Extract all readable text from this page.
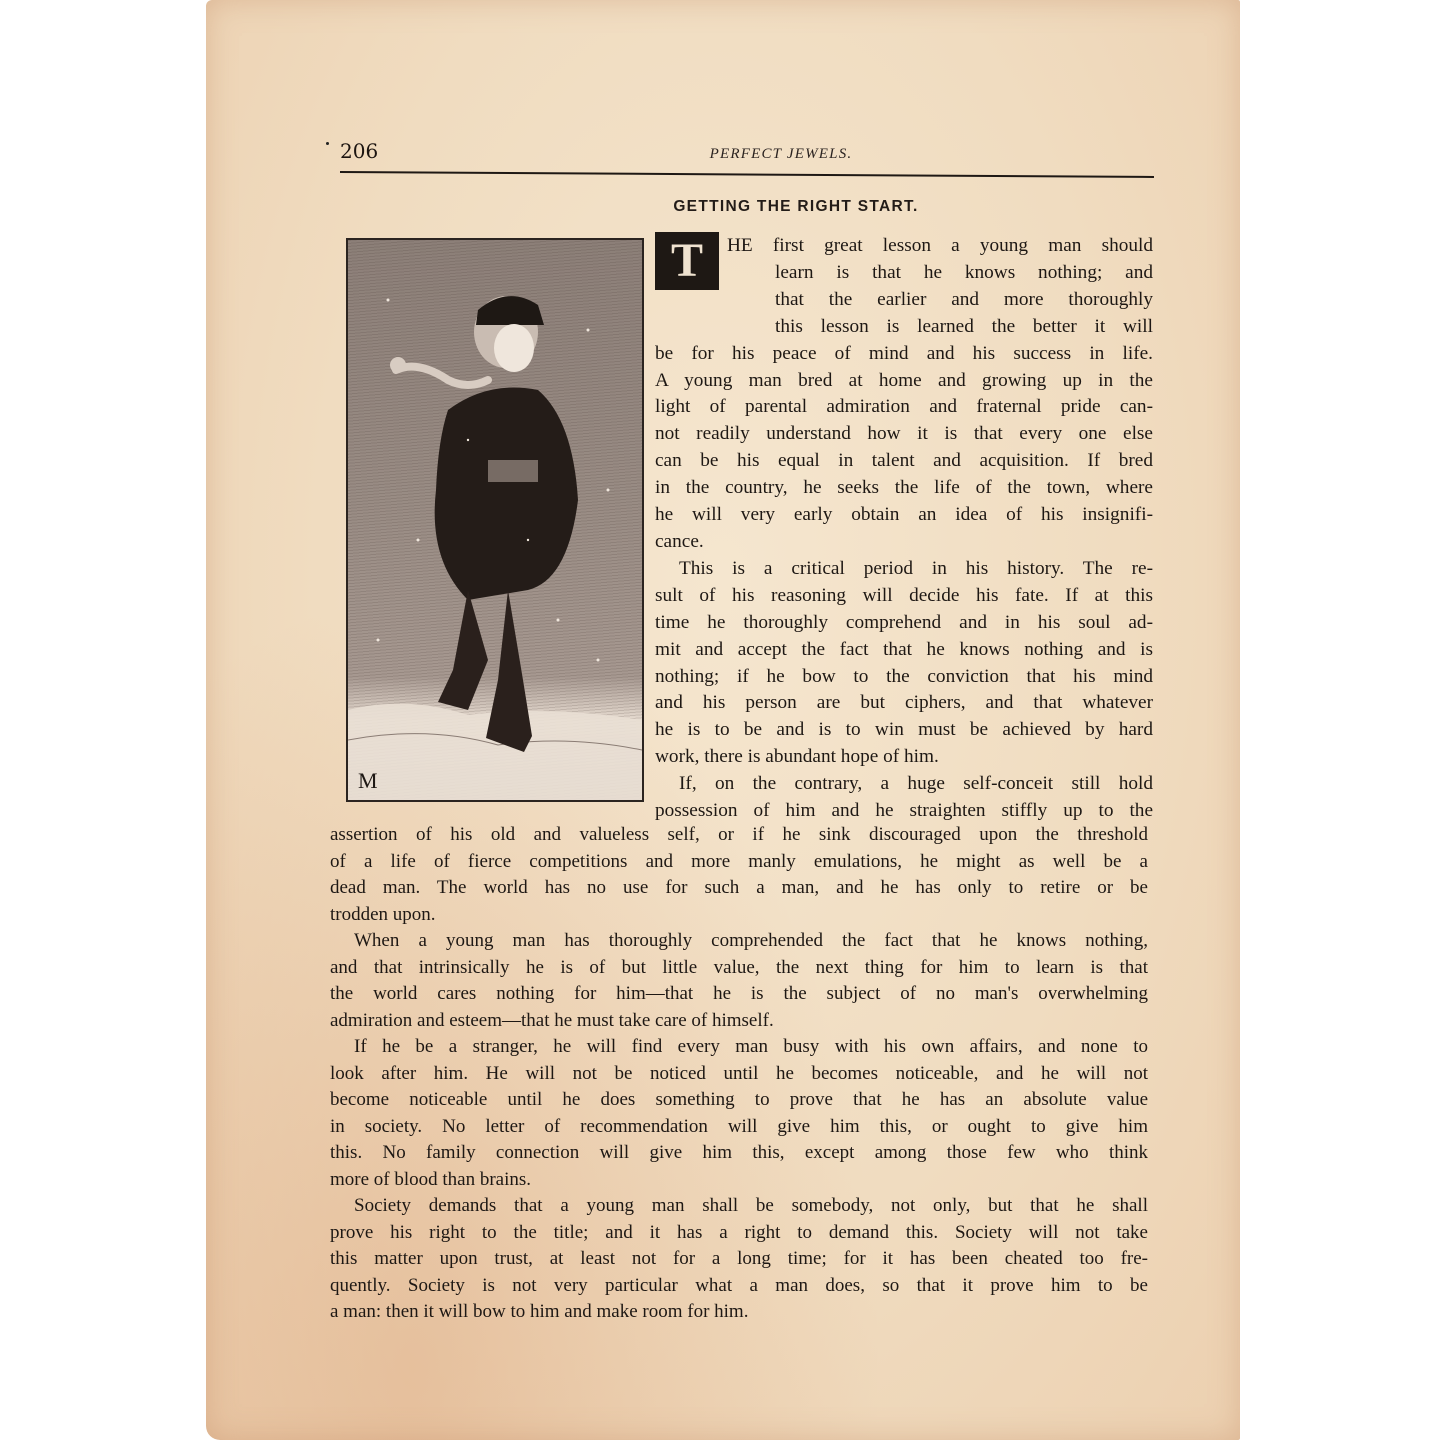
206	PERFECT JEWELS.
GETTING THE RIGHT START.
M
T	HE first great lesson a young man should
learn is that he knows nothing; and
that the earlier and more thoroughly
this lesson is learned the better it will
be for his peace of mind and his success in life.
A young man bred at home and growing up in the
light of parental admiration and fraternal pride can-
not readily understand how it is that every one else
can be his equal in talent and acquisition. If bred
in the country, he seeks the life of the town, where
he will very early obtain an idea of his insignifi-
cance.
This is a critical period in his history. The re-
sult of his reasoning will decide his fate. If at this
time he thoroughly comprehend and in his soul ad-
mit and accept the fact that he knows nothing and is
nothing; if he bow to the conviction that his mind
and his person are but ciphers, and that whatever
he is to be and is to win must be achieved by hard
work, there is abundant hope of him.
If, on the contrary, a huge self-conceit still hold
possession of him and he straighten stiffly up to the
assertion of his old and valueless self, or if he sink discouraged upon the threshold
of a life of fierce competitions and more manly emulations, he might as well be a
dead man. The world has no use for such a man, and he has only to retire or be
trodden upon.
When a young man has thoroughly comprehended the fact that he knows nothing,
and that intrinsically he is of but little value, the next thing for him to learn is that
the world cares nothing for him—that he is the subject of no man's overwhelming
admiration and esteem—that he must take care of himself.
If he be a stranger, he will find every man busy with his own affairs, and none to
look after him. He will not be noticed until he becomes noticeable, and he will not
become noticeable until he does something to prove that he has an absolute value
in society. No letter of recommendation will give him this, or ought to give him
this. No family connection will give him this, except among those few who think
more of blood than brains.
Society demands that a young man shall be somebody, not only, but that he shall
prove his right to the title; and it has a right to demand this. Society will not take
this matter upon trust, at least not for a long time; for it has been cheated too fre-
quently. Society is not very particular what a man does, so that it prove him to be
a man: then it will bow to him and make room for him.
